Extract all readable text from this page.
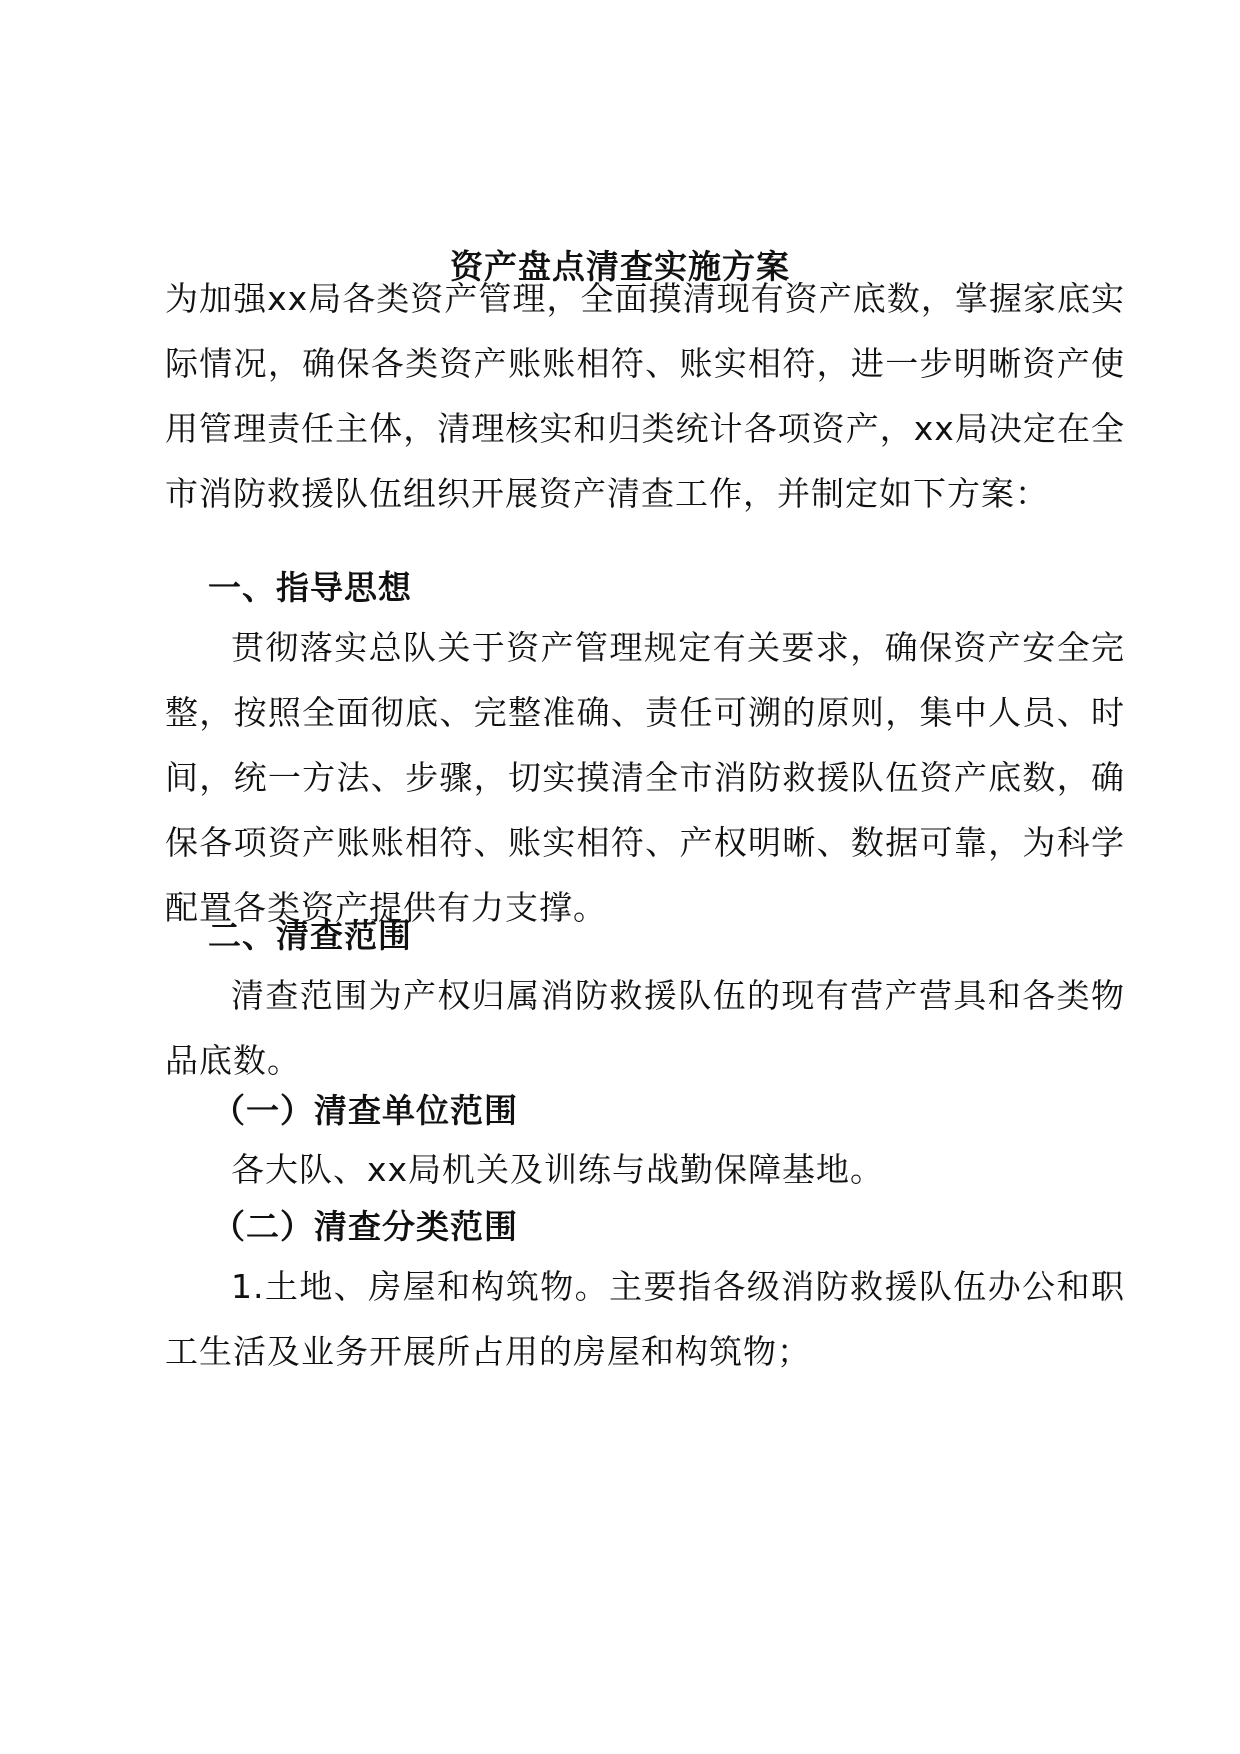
资产盘点清查实施方案

为加强xx局各类资产管理，全面摸清现有资产底数，掌握家底实际情况，确保各类资产账账相符、账实相符，进一步明晰资产使用管理责任主体，清理核实和归类统计各项资产，xx局决定在全市消防救援队伍组织开展资产清查工作，并制定如下方案：

一、指导思想

贯彻落实总队关于资产管理规定有关要求，确保资产安全完整，按照全面彻底、完整准确、责任可溯的原则，集中人员、时间，统一方法、步骤，切实摸清全市消防救援队伍资产底数，确保各项资产账账相符、账实相符、产权明晰、数据可靠，为科学配置各类资产提供有力支撑。

二、清查范围

清查范围为产权归属消防救援队伍的现有营产营具和各类物品底数。

（一）清查单位范围

各大队、xx局机关及训练与战勤保障基地。

（二）清查分类范围

1.土地、房屋和构筑物。主要指各级消防救援队伍办公和职工生活及业务开展所占用的房屋和构筑物；
